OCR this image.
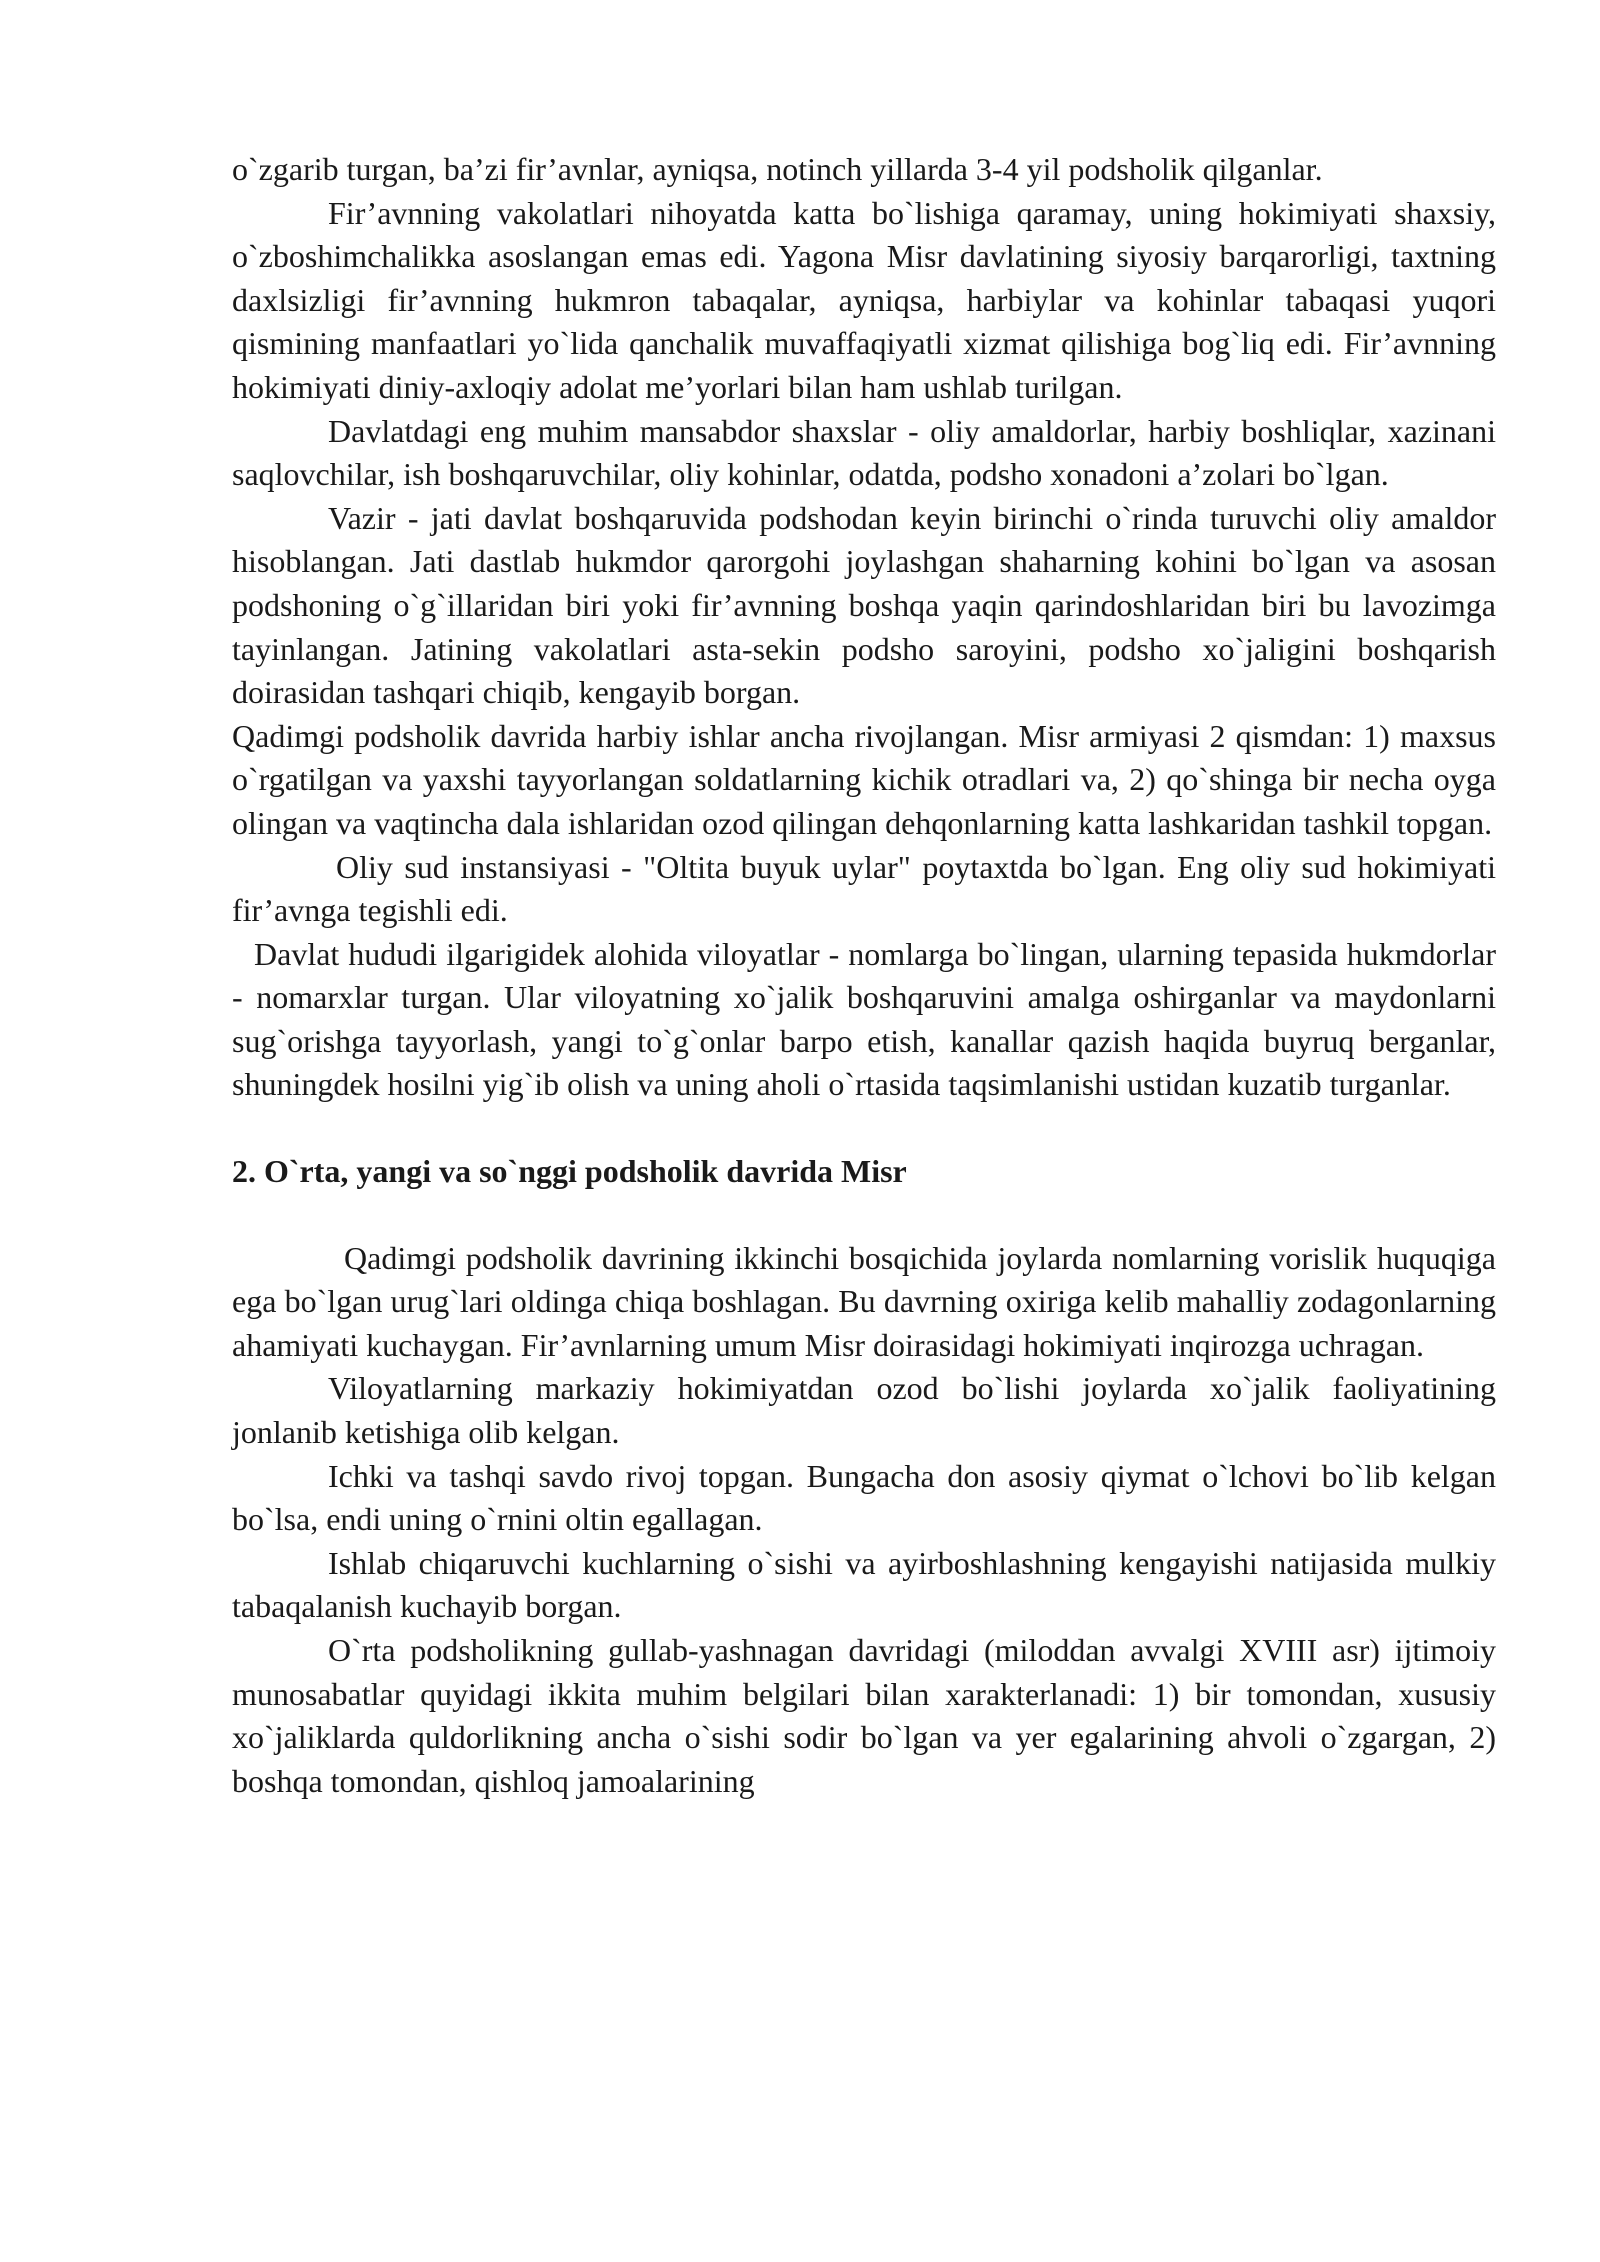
o`zgarib turgan, ba’zi fir’avnlar, ayniqsa, notinch yillarda 3-4 yil podsholik qilganlar.

Fir’avnning vakolatlari nihoyatda katta bo`lishiga qaramay, uning hokimiyati shaxsiy, o`zboshimchalikka asoslangan emas edi. Yagona Misr davlatining siyosiy barqarorligi, taxtning daxlsizligi fir’avnning hukmron tabaqalar, ayniqsa, harbiylar va kohinlar tabaqasi yuqori qismining manfaatlari yo`lida qanchalik muvaffaqiyatli xizmat qilishiga bog`liq edi. Fir’avnning hokimiyati diniy-axloqiy adolat me’yorlari bilan ham ushlab turilgan.

Davlatdagi eng muhim mansabdor shaxslar - oliy amaldorlar, harbiy boshliqlar, xazinani saqlovchilar, ish boshqaruvchilar, oliy kohinlar, odatda, podsho xonadoni a’zolari bo`lgan.

Vazir - jati davlat boshqaruvida podshodan keyin birinchi o`rinda turuvchi oliy amaldor hisoblangan. Jati dastlab hukmdor qarorgohi joylashgan shaharning kohini bo`lgan va asosan podshoning o`g`illaridan biri yoki fir’avnning boshqa yaqin qarindoshlaridan biri bu lavozimga tayinlangan. Jatining vakolatlari asta-sekin podsho saroyini, podsho xo`jaligini boshqarish doirasidan tashqari chiqib, kengayib borgan.

Qadimgi podsholik davrida harbiy ishlar ancha rivojlangan. Misr armiyasi 2 qismdan: 1) maxsus o`rgatilgan va yaxshi tayyorlangan soldatlarning kichik otradlari va, 2) qo`shinga bir necha oyga olingan va vaqtincha dala ishlaridan ozod qilingan dehqonlarning katta lashkaridan tashkil topgan.

Oliy sud instansiyasi - "Oltita buyuk uylar" poytaxtda bo`lgan. Eng oliy sud hokimiyati fir’avnga tegishli edi.

Davlat hududi ilgarigidek alohida viloyatlar - nomlarga bo`lingan, ularning tepasida hukmdorlar - nomarxlar turgan. Ular viloyatning xo`jalik boshqaruvini amalga oshirganlar va maydonlarni sug`orishga tayyorlash, yangi to`g`onlar barpo etish, kanallar qazish haqida buyruq berganlar, shuningdek hosilni yig`ib olish va uning aholi o`rtasida taqsimlanishi ustidan kuzatib turganlar.

2. O`rta, yangi va so`nggi podsholik davrida Misr

Qadimgi podsholik davrining ikkinchi bosqichida joylarda nomlarning vorislik huquqiga ega bo`lgan urug`lari oldinga chiqa boshlagan. Bu davrning oxiriga kelib mahalliy zodagonlarning ahamiyati kuchaygan. Fir’avnlarning umum Misr doirasidagi hokimiyati inqirozga uchragan.

Viloyatlarning markaziy hokimiyatdan ozod bo`lishi joylarda xo`jalik faoliyatining jonlanib ketishiga olib kelgan.

Ichki va tashqi savdo rivoj topgan. Bungacha don asosiy qiymat o`lchovi bo`lib kelgan bo`lsa, endi uning o`rnini oltin egallagan.

Ishlab chiqaruvchi kuchlarning o`sishi va ayirboshlashning kengayishi natijasida mulkiy tabaqalanish kuchayib borgan.

O`rta podsholikning gullab-yashnagan davridagi (miloddan avvalgi XVIII asr) ijtimoiy munosabatlar quyidagi ikkita muhim belgilari bilan xarakterlanadi: 1) bir tomondan, xususiy xo`jaliklarda quldorlikning ancha o`sishi sodir bo`lgan va yer egalarining ahvoli o`zgargan, 2) boshqa tomondan, qishloq jamoalarining
